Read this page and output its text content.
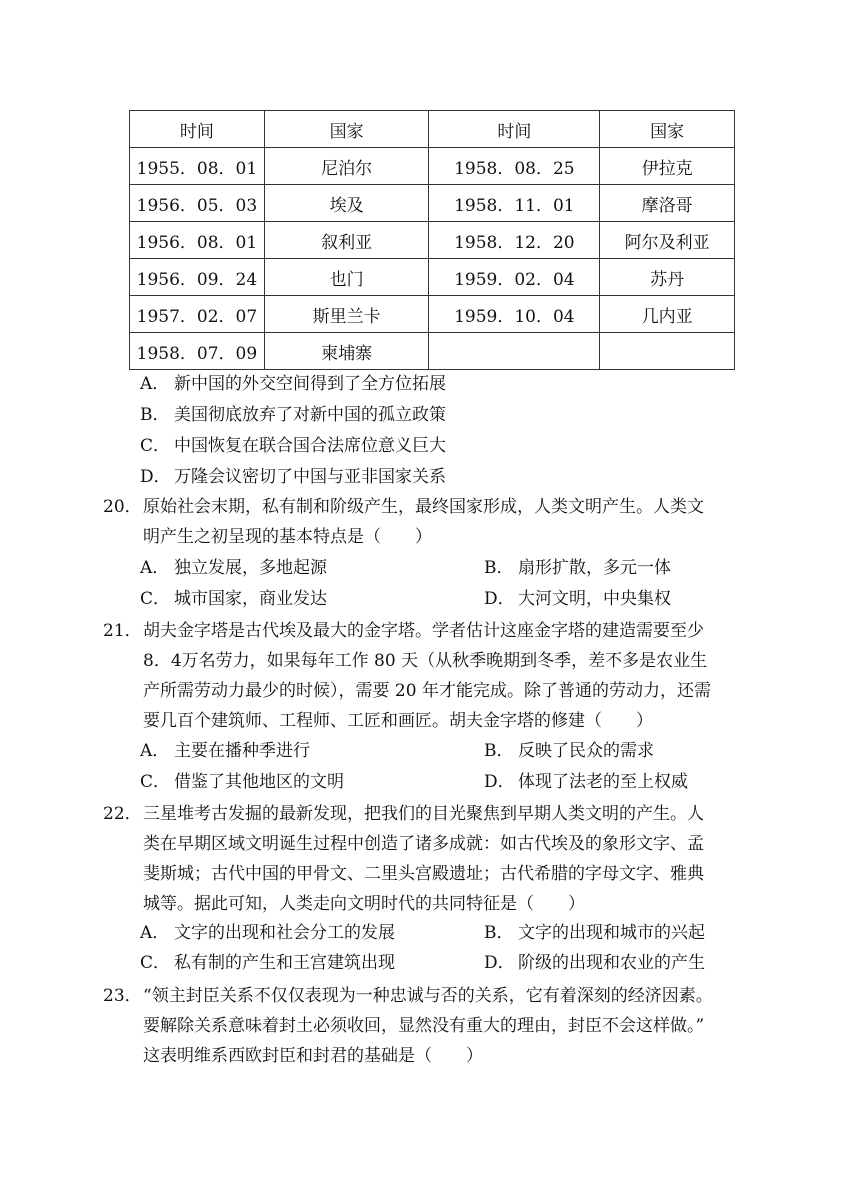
时间	国家	时间	国家
1955．08．01	尼泊尔	1958．08．25	伊拉克
1956．05．03	埃及	1958．11．01	摩洛哥
1956．08．01	叙利亚	1958．12．20	阿尔及利亚
1956．09．24	也门	1959．02．04	苏丹
1957．02．07	斯里兰卡	1959．10．04	几内亚
1958．07．09	柬埔寨		
A． 新中国的外交空间得到了全方位拓展
B． 美国彻底放弃了对新中国的孤立政策
C． 中国恢复在联合国合法席位意义巨大
D． 万隆会议密切了中国与亚非国家关系
20． 原始社会末期，私有制和阶级产生，最终国家形成，人类文明产生。人类文
明产生之初呈现的基本特点是（　　）
A． 独立发展，多地起源	B． 扇形扩散，多元一体
C． 城市国家，商业发达	D． 大河文明，中央集权
21． 胡夫金字塔是古代埃及最大的金字塔。学者估计这座金字塔的建造需要至少
8．4万名劳力，如果每年工作 80 天（从秋季晚期到冬季，差不多是农业生
产所需劳动力最少的时候），需要 20 年才能完成。除了普通的劳动力，还需
要几百个建筑师、工程师、工匠和画匠。胡夫金字塔的修建（　　）
A． 主要在播种季进行	B． 反映了民众的需求
C． 借鉴了其他地区的文明	D． 体现了法老的至上权威
22． 三星堆考古发掘的最新发现，把我们的目光聚焦到早期人类文明的产生。人
类在早期区域文明诞生过程中创造了诸多成就：如古代埃及的象形文字、孟
斐斯城；古代中国的甲骨文、二里头宫殿遗址；古代希腊的字母文字、雅典
城等。据此可知，人类走向文明时代的共同特征是（　　）
A． 文字的出现和社会分工的发展	B． 文字的出现和城市的兴起
C． 私有制的产生和王宫建筑出现	D． 阶级的出现和农业的产生
23． “领主封臣关系不仅仅表现为一种忠诚与否的关系，它有着深刻的经济因素。
要解除关系意味着封土必须收回，显然没有重大的理由，封臣不会这样做。”
这表明维系西欧封臣和封君的基础是（　　）
